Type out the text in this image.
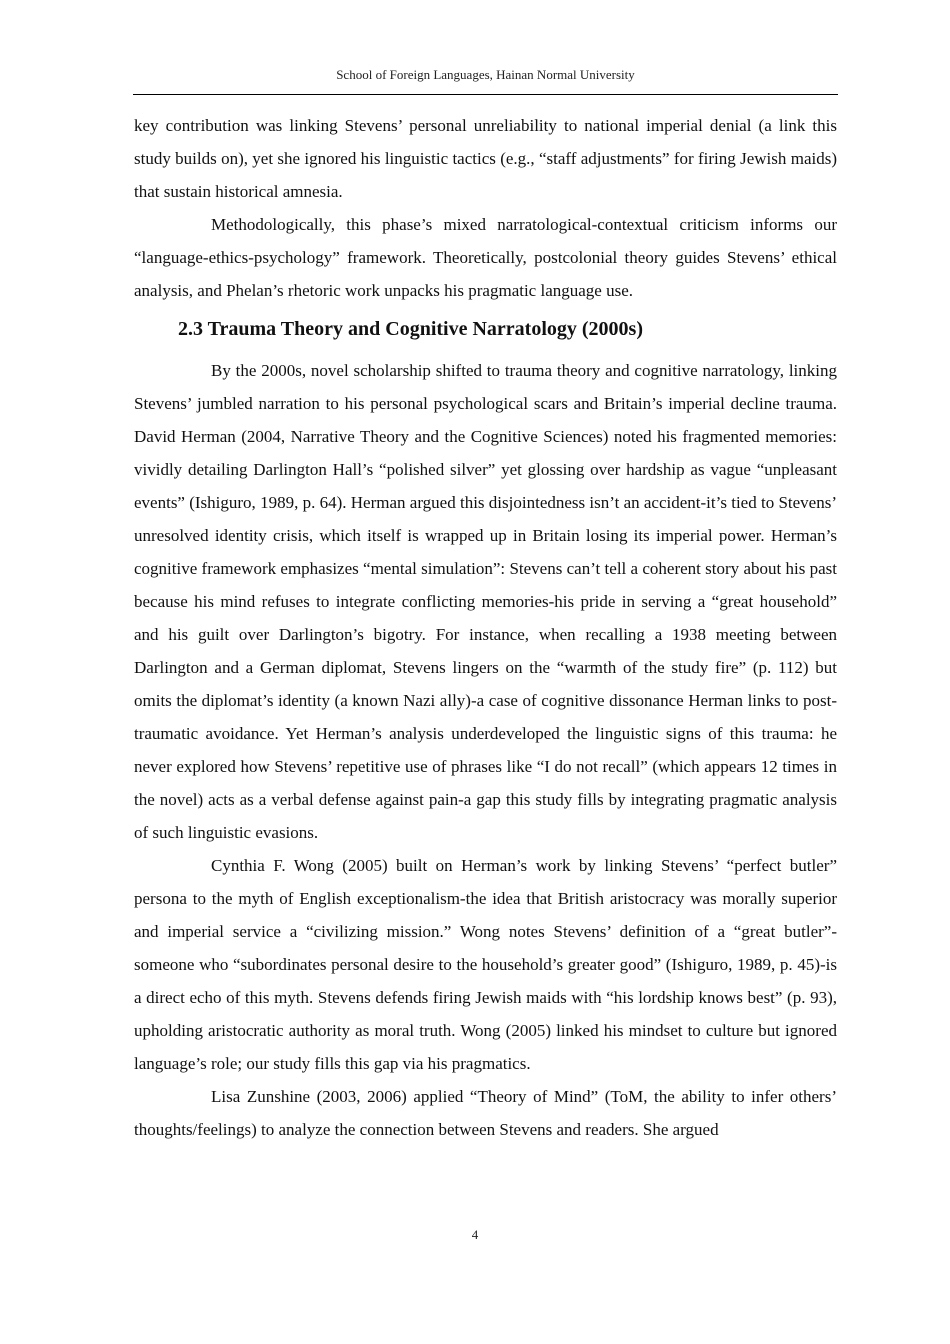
School of Foreign Languages, Hainan Normal University

key contribution was linking Stevens’ personal unreliability to national imperial denial (a link this study builds on), yet she ignored his linguistic tactics (e.g., “staff adjustments” for firing Jewish maids) that sustain historical amnesia.

Methodologically, this phase’s mixed narratological-contextual criticism informs our “language-ethics-psychology” framework. Theoretically, postcolonial theory guides Stevens’ ethical analysis, and Phelan’s rhetoric work unpacks his pragmatic language use.

2.3 Trauma Theory and Cognitive Narratology (2000s)

By the 2000s, novel scholarship shifted to trauma theory and cognitive narratology, linking Stevens’ jumbled narration to his personal psychological scars and Britain’s imperial decline trauma. David Herman (2004, Narrative Theory and the Cognitive Sciences) noted his fragmented memories: vividly detailing Darlington Hall’s “polished silver” yet glossing over hardship as vague “unpleasant events” (Ishiguro, 1989, p. 64). Herman argued this disjointedness isn’t an accident-it’s tied to Stevens’ unresolved identity crisis, which itself is wrapped up in Britain losing its imperial power. Herman’s cognitive framework emphasizes “mental simulation”: Stevens can’t tell a coherent story about his past because his mind refuses to integrate conflicting memories-his pride in serving a “great household” and his guilt over Darlington’s bigotry. For instance, when recalling a 1938 meeting between Darlington and a German diplomat, Stevens lingers on the “warmth of the study fire” (p. 112) but omits the diplomat’s identity (a known Nazi ally)-a case of cognitive dissonance Herman links to post-traumatic avoidance. Yet Herman’s analysis underdeveloped the linguistic signs of this trauma: he never explored how Stevens’ repetitive use of phrases like “I do not recall” (which appears 12 times in the novel) acts as a verbal defense against pain-a gap this study fills by integrating pragmatic analysis of such linguistic evasions.

Cynthia F. Wong (2005) built on Herman’s work by linking Stevens’ “perfect butler” persona to the myth of English exceptionalism-the idea that British aristocracy was morally superior and imperial service a “civilizing mission.” Wong notes Stevens’ definition of a “great butler”-someone who “subordinates personal desire to the household’s greater good” (Ishiguro, 1989, p. 45)-is a direct echo of this myth. Stevens defends firing Jewish maids with “his lordship knows best” (p. 93), upholding aristocratic authority as moral truth. Wong (2005) linked his mindset to culture but ignored language’s role; our study fills this gap via his pragmatics.

Lisa Zunshine (2003, 2006) applied “Theory of Mind” (ToM, the ability to infer others’ thoughts/feelings) to analyze the connection between Stevens and readers. She argued

4
